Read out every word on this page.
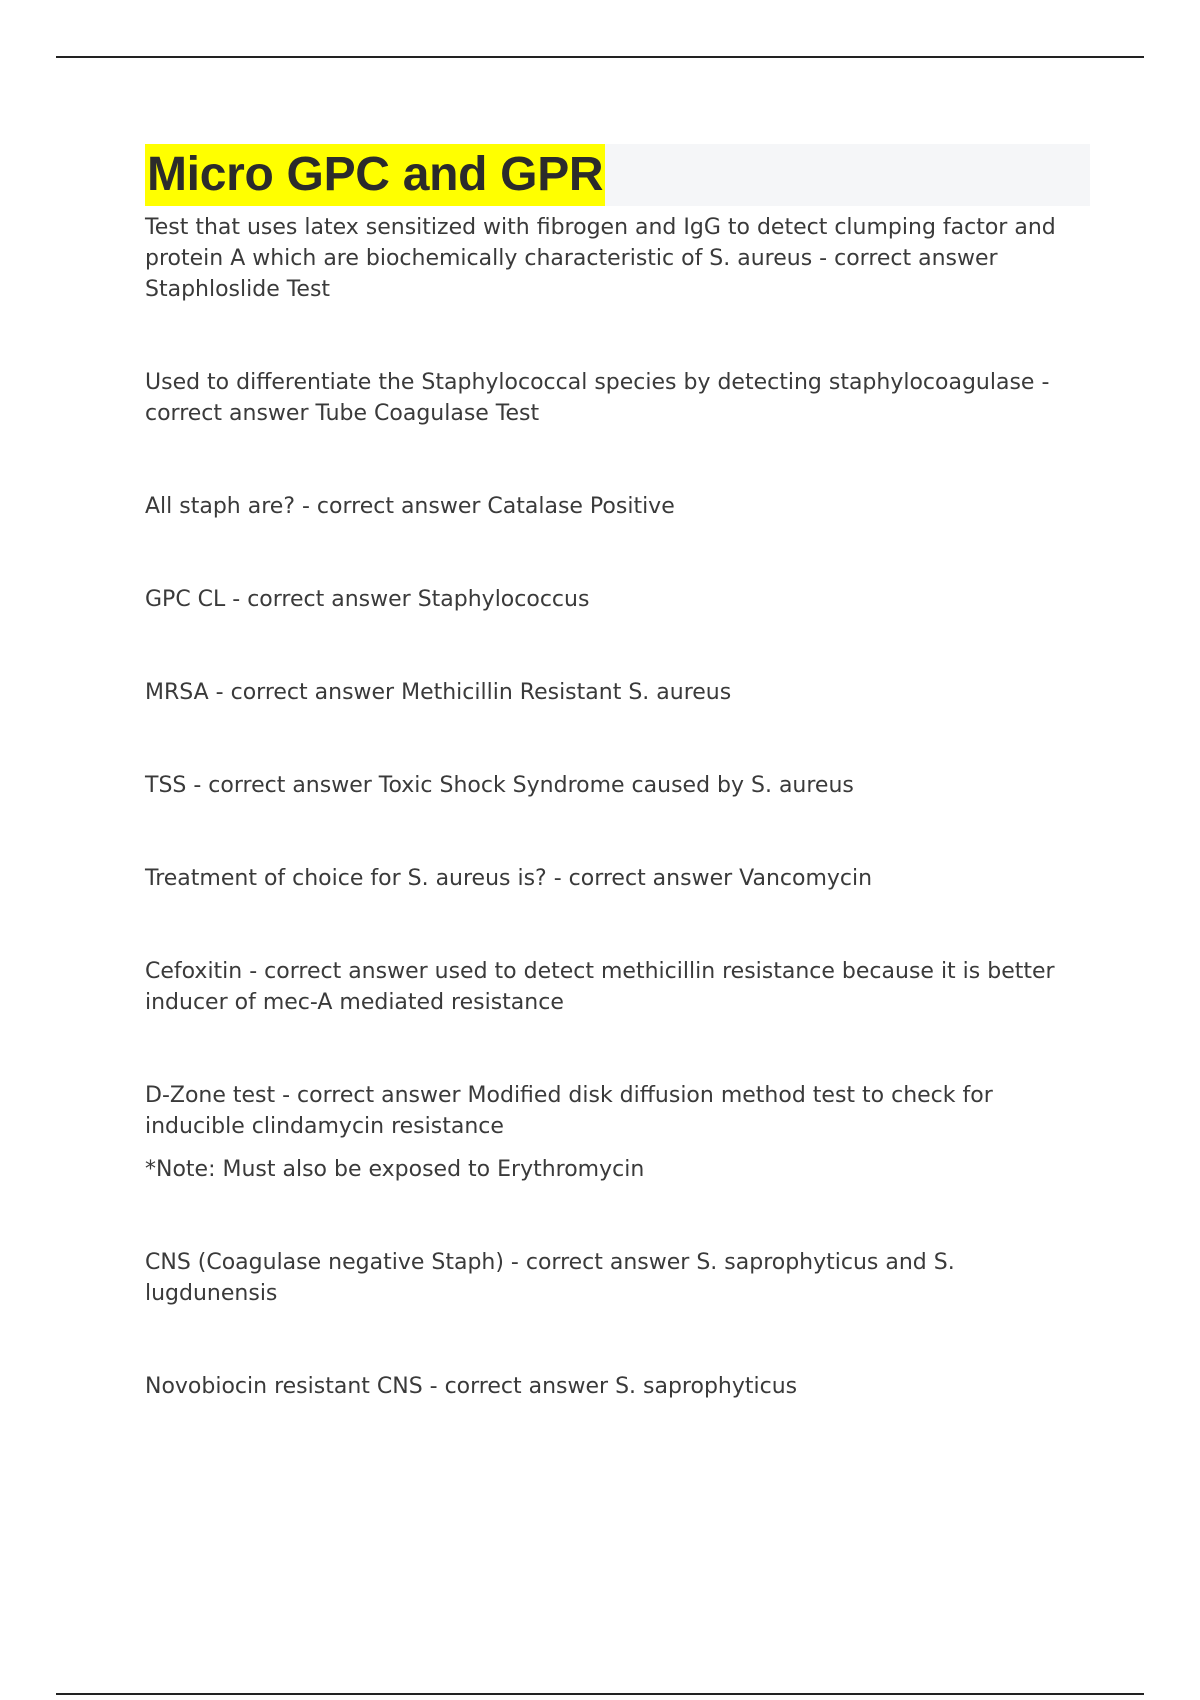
Micro GPC and GPR
Test that uses latex sensitized with fibrogen and IgG to detect clumping factor and protein A which are biochemically characteristic of S. aureus - correct answer Staphloslide Test
Used to differentiate the Staphylococcal species by detecting staphylocoagulase - correct answer Tube Coagulase Test
All staph are? - correct answer Catalase Positive
GPC CL - correct answer Staphylococcus
MRSA - correct answer Methicillin Resistant S. aureus
TSS - correct answer Toxic Shock Syndrome caused by S. aureus
Treatment of choice for S. aureus is? - correct answer Vancomycin
Cefoxitin - correct answer used to detect methicillin resistance because it is better inducer of mec-A mediated resistance
D-Zone test - correct answer Modified disk diffusion method test to check for inducible clindamycin resistance
*Note: Must also be exposed to Erythromycin
CNS (Coagulase negative Staph) - correct answer S. saprophyticus and S. lugdunensis
Novobiocin resistant CNS - correct answer S. saprophyticus
